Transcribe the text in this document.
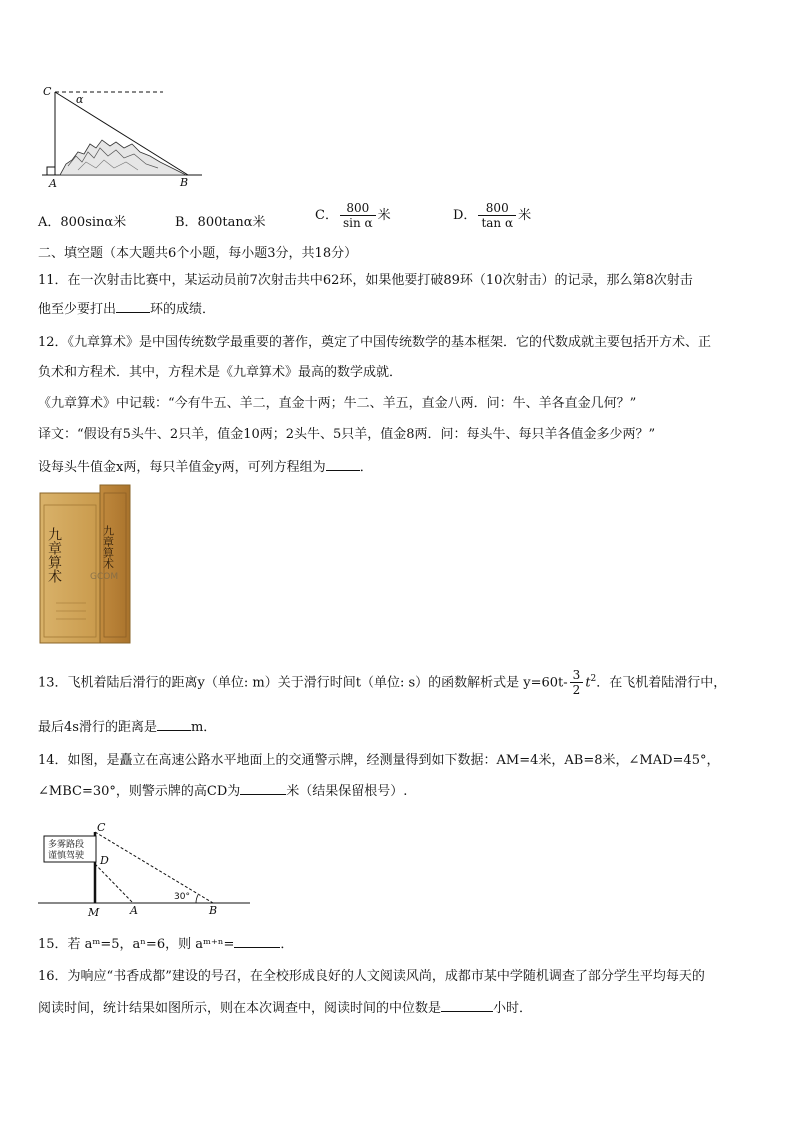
C
α
A	B
A．800sinα米	B．800tanα米	C． $\frac{800}{\text{sin α}}$ 米	D． $\frac{800}{\text{tan α}}$ 米
二、填空题（本大题共6个小题，每小题3分，共18分）
11．在一次射击比赛中，某运动员前7次射击共中62环，如果他要打破89环（10次射击）的记录，那么第8次射击
他至少要打出	环的成绩．
12．《九章算术》是中国传统数学最重要的著作，奠定了中国传统数学的基本框架．它的代数成就主要包括开方术、正
负术和方程术．其中，方程术是《九章算术》最高的数学成就．
《九章算术》中记载：“今有牛五、羊二，直金十两；牛二、羊五，直金八两．问：牛、羊各直金几何？”
译文：“假设有5头牛、2只羊，值金10两；2头牛、5只羊，值金8两．问：每头牛、每只羊各值金多少两？”
设每头牛值金x两，每只羊值金y两，可列方程组为	．
九章算术	九章算术
GCOM
13．飞机着陆后滑行的距离y（单位: m）关于滑行时间t（单位: s）的函数解析式是 $y=60t- \frac{3}{2} t^2$．在飞机着陆滑行中，
最后4s滑行的距离是	m．
14．如图，是矗立在高速公路水平地面上的交通警示牌，经测量得到如下数据：AM=4米，AB=8米，∠MAD=45°，
∠MBC=30°，则警示牌的高CD为	米（结果保留根号）.
多雾路段
谨慎驾驶
C
D
M	A	B
30°
15．若 aᵐ=5，aⁿ=6，则 aᵐ⁺ⁿ=	．
16．为响应“书香成都”建设的号召，在全校形成良好的人文阅读风尚，成都市某中学随机调查了部分学生平均每天的
阅读时间，统计结果如图所示，则在本次调查中，阅读时间的中位数是	小时．
